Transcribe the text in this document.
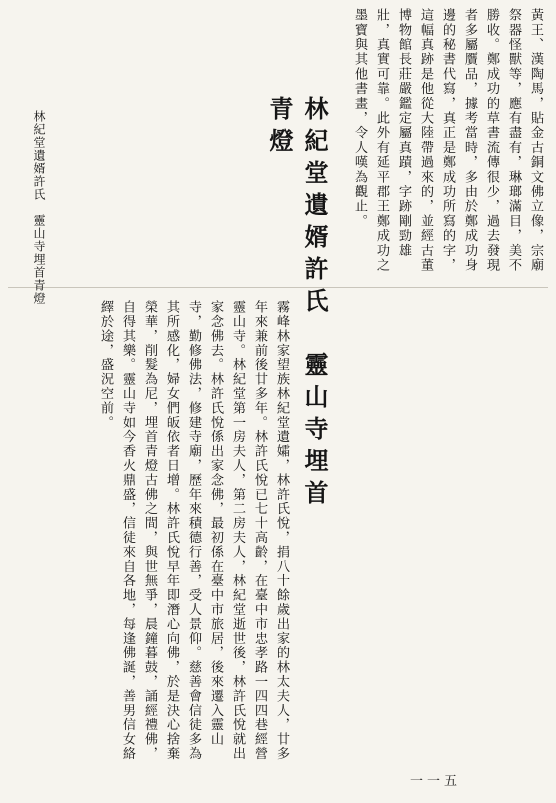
黃王、漢陶馬，貼金古銅文佛立像，宗廟祭器怪獸等，應有盡有，琳瑯滿目，美不勝收。鄭成功的草書流傳很少，過去發現者多屬贋品，據考當時，多由於鄭成功身邊的秘書代寫，真正是鄭成功所寫的字，這幅真跡是他從大陸帶過來的，並經古董博物館長莊嚴鑑定屬真蹟，字跡剛勁雄壯，真實可靠。此外有延平郡王鄭成功之墨寶與其他書畫，令人嘆為觀止。
林紀堂遺婿許氏　靈山寺埋首青燈
霧峰林家望族林紀堂遺孀，林許氏悅，捐八十餘歲出家的林太夫人，廿多年來兼前後廿多年。林許氏悅已七十高齡，在臺中市忠孝路一四四巷經營靈山寺。林紀堂第一房夫人，第二房夫人，林紀堂逝世後，林許氏悅就出家念佛去。林許氏悅係出家念佛，最初係在臺中市旅居，後來遷入靈山寺，勤修佛法，修建寺廟，歷年來積德行善，受人景仰。慈善會信徒多為其所感化，婦女們皈依者日增。林許氏悅早年即潛心向佛，於是決心捨棄榮華，削髮為尼，埋首青燈古佛之間，與世無爭，晨鐘暮鼓，誦經禮佛，自得其樂。靈山寺如今香火鼎盛，信徒來自各地，每逢佛誕，善男信女絡繹於途，盛況空前。
林紀堂遺婿許氏　靈山寺埋首青燈
一一五
